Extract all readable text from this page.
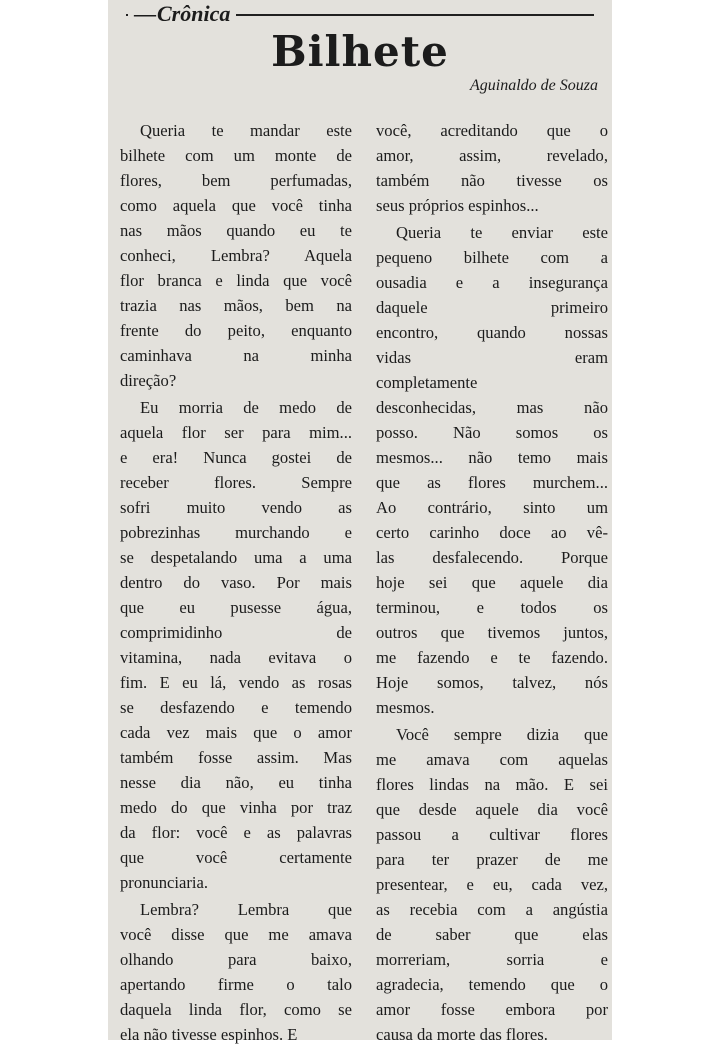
—Crônica
Bilhete
Aguinaldo de Souza
Queria te mandar este
bilhete com um monte de
flores, bem perfumadas,
como aquela que você tinha
nas mãos quando eu te
conheci, Lembra? Aquela
flor branca e linda que você
trazia nas mãos, bem na
frente do peito, enquanto
caminhava na minha
direção?
Eu morria de medo de
aquela flor ser para mim...
e era! Nunca gostei de
receber flores. Sempre
sofri muito vendo as
pobrezinhas murchando e
se despetalando uma a uma
dentro do vaso. Por mais
que eu pusesse água,
comprimidinho de
vitamina, nada evitava o
fim. E eu lá, vendo as rosas
se desfazendo e temendo
cada vez mais que o amor
também fosse assim. Mas
nesse dia não, eu tinha
medo do que vinha por traz
da flor: você e as palavras
que você certamente
pronunciaria.
Lembra? Lembra que
você disse que me amava
olhando para baixo,
apertando firme o talo
daquela linda flor, como se
ela não tivesse espinhos. E
você, acreditando que o
amor, assim, revelado,
também não tivesse os
seus próprios espinhos...
Queria te enviar este
pequeno bilhete com a
ousadia e a insegurança
daquele primeiro
encontro, quando nossas
vidas eram
completamente
desconhecidas, mas não
posso. Não somos os
mesmos... não temo mais
que as flores murchem...
Ao contrário, sinto um
certo carinho doce ao vê-
las desfalecendo. Porque
hoje sei que aquele dia
terminou, e todos os
outros que tivemos juntos,
me fazendo e te fazendo.
Hoje somos, talvez, nós
mesmos.
Você sempre dizia que
me amava com aquelas
flores lindas na mão. E sei
que desde aquele dia você
passou a cultivar flores
para ter prazer de me
presentear, e eu, cada vez,
as recebia com a angústia
de saber que elas
morreriam, sorria e
agradecia, temendo que o
amor fosse embora por
causa da morte das flores.
